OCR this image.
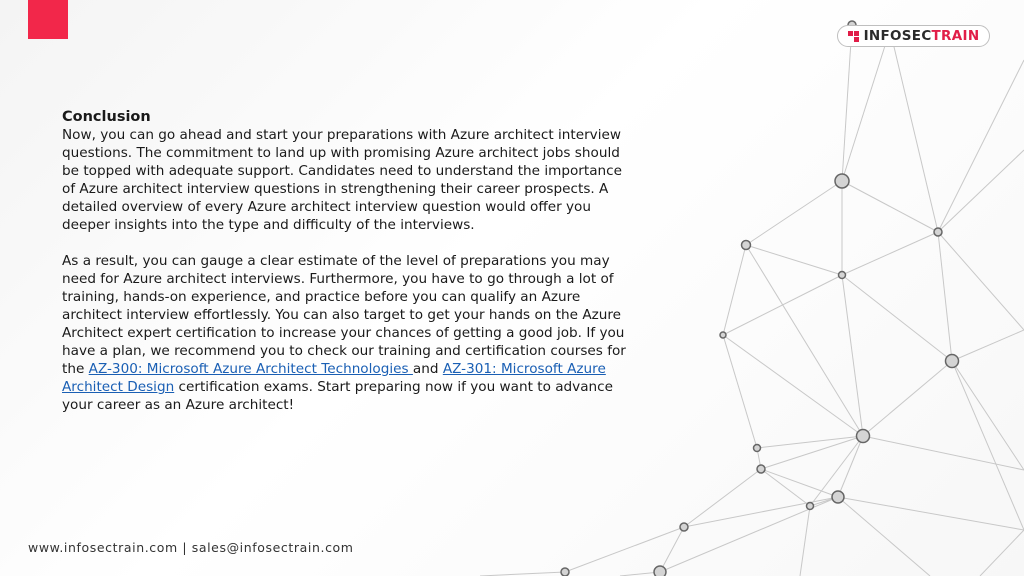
INFOSECTRAIN
Conclusion

Now, you can go ahead and start your preparations with Azure architect interview questions. The commitment to land up with promising Azure architect jobs should be topped with adequate support. Candidates need to understand the importance of Azure architect interview questions in strengthening their career prospects. A detailed overview of every Azure architect interview question would offer you deeper insights into the type and difficulty of the interviews.

As a result, you can gauge a clear estimate of the level of preparations you may need for Azure architect interviews. Furthermore, you have to go through a lot of training, hands-on experience, and practice before you can qualify an Azure architect interview effortlessly. You can also target to get your hands on the Azure Architect expert certification to increase your chances of getting a good job. If you have a plan, we recommend you to check our training and certification courses for the AZ-300: Microsoft Azure Architect Technologies and AZ-301: Microsoft Azure Architect Design certification exams. Start preparing now if you want to advance your career as an Azure architect!

www.infosectrain.com | sales@infosectrain.com
